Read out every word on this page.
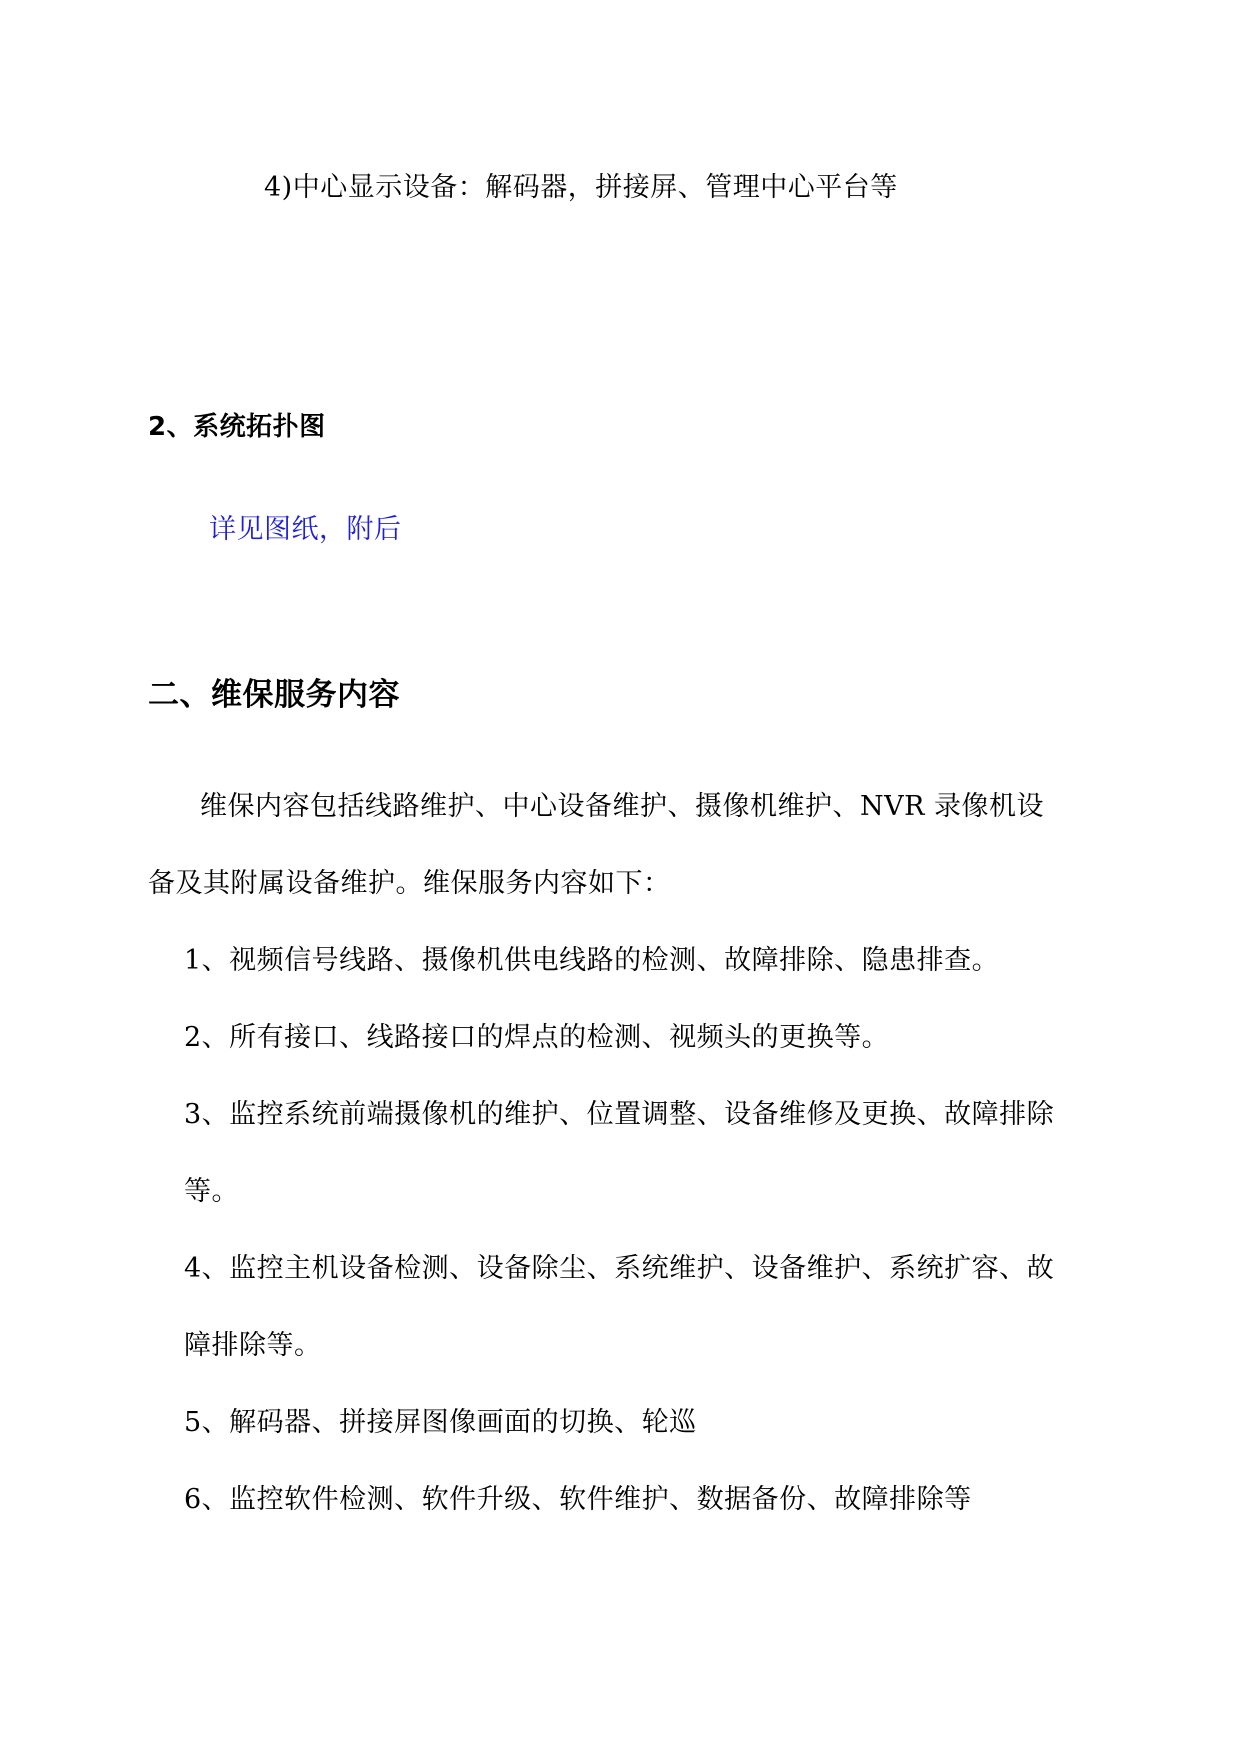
4)中心显示设备：解码器，拼接屏、管理中心平台等
2、系统拓扑图
详见图纸，附后
二、维保服务内容
维保内容包括线路维护、中心设备维护、摄像机维护、NVR 录像机设
备及其附属设备维护。维保服务内容如下：
1、视频信号线路、摄像机供电线路的检测、故障排除、隐患排查。
2、所有接口、线路接口的焊点的检测、视频头的更换等。
3、监控系统前端摄像机的维护、位置调整、设备维修及更换、故障排除
等。
4、监控主机设备检测、设备除尘、系统维护、设备维护、系统扩容、故
障排除等。
5、解码器、拼接屏图像画面的切换、轮巡
6、监控软件检测、软件升级、软件维护、数据备份、故障排除等
